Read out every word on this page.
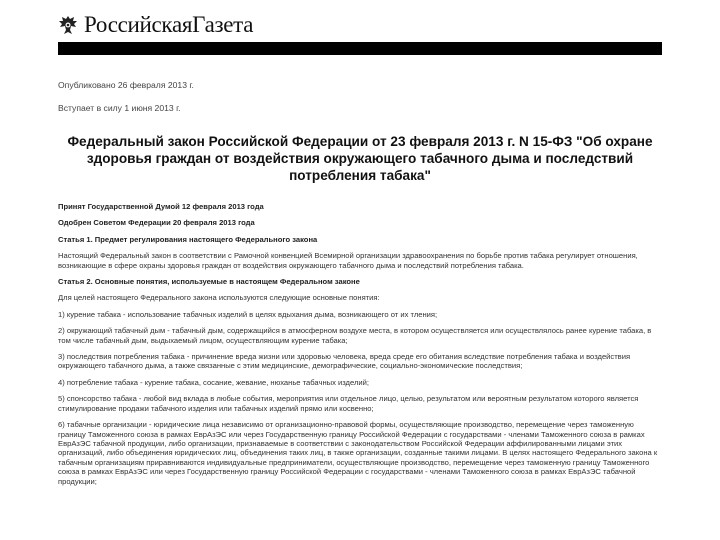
РоссийскаяГазета
Опубликовано 26 февраля 2013 г.
Вступает в силу 1 июня 2013 г.
Федеральный закон Российской Федерации от 23 февраля 2013 г. N 15-ФЗ "Об охране здоровья граждан от воздействия окружающего табачного дыма и последствий потребления табака"

Принят Государственной Думой 12 февраля 2013 года

Одобрен Советом Федерации 20 февраля 2013 года

Статья 1. Предмет регулирования настоящего Федерального закона

Настоящий Федеральный закон в соответствии с Рамочной конвенцией Всемирной организации здравоохранения по борьбе против табака регулирует отношения, возникающие в сфере охраны здоровья граждан от воздействия окружающего табачного дыма и последствий потребления табака.

Статья 2. Основные понятия, используемые в настоящем Федеральном законе

Для целей настоящего Федерального закона используются следующие основные понятия:

1) курение табака - использование табачных изделий в целях вдыхания дыма, возникающего от их тления;

2) окружающий табачный дым - табачный дым, содержащийся в атмосферном воздухе места, в котором осуществляется или осуществлялось ранее курение табака, в том числе табачный дым, выдыхаемый лицом, осуществляющим курение табака;

3) последствия потребления табака - причинение вреда жизни или здоровью человека, вреда среде его обитания вследствие потребления табака и воздействия окружающего табачного дыма, а также связанные с этим медицинские, демографические, социально-экономические последствия;

4) потребление табака - курение табака, сосание, жевание, нюханье табачных изделий;

5) спонсорство табака - любой вид вклада в любые события, мероприятия или отдельное лицо, целью, результатом или вероятным результатом которого является стимулирование продажи табачного изделия или табачных изделий прямо или косвенно;

6) табачные организации - юридические лица независимо от организационно-правовой формы, осуществляющие производство, перемещение через таможенную границу Таможенного союза в рамках ЕврАзЭС или через Государственную границу Российской Федерации с государствами - членами Таможенного союза в рамках ЕврАзЭС табачной продукции, либо организации, признаваемые в соответствии с законодательством Российской Федерации аффилированными лицами этих организаций, либо объединения юридических лиц, объединения таких лиц, в также организации, созданные такими лицами. В целях настоящего Федерального закона к табачным организациям приравниваются индивидуальные предприниматели, осуществляющие производство, перемещение через таможенную границу Таможенного союза в рамках ЕврАзЭС или через Государственную границу Российской Федерации с государствами - членами Таможенного союза в рамках ЕврАзЭС табачной продукции;
